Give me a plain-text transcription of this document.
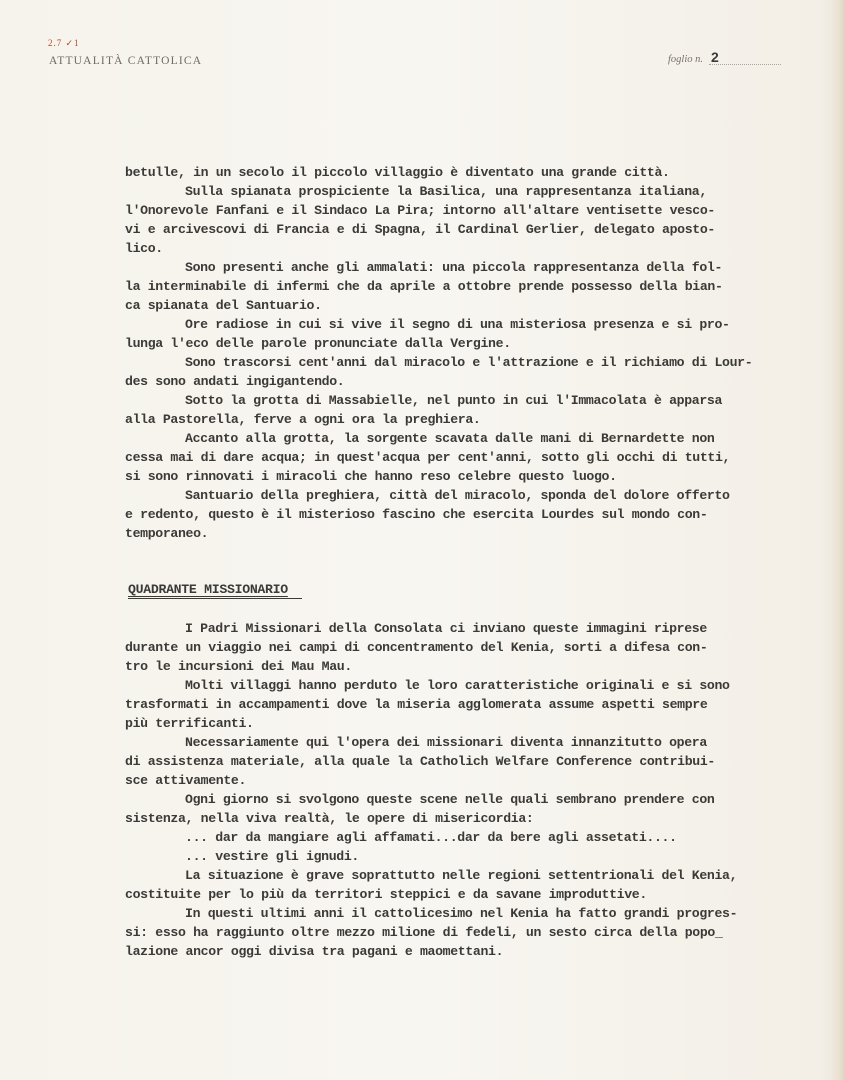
2.7 ✓1
ATTUALITÀ CATTOLICA	foglio n. 2
betulle, in un secolo il piccolo villaggio è diventato una grande città.
Sulla spianata prospiciente la Basilica, una rappresentanza italiana,
l'Onorevole Fanfani e il Sindaco La Pira; intorno all'altare ventisette vesco-
vi e arcivescovi di Francia e di Spagna, il Cardinal Gerlier, delegato aposto-
lico.
Sono presenti anche gli ammalati: una piccola rappresentanza della fol-
la interminabile di infermi che da aprile a ottobre prende possesso della bian-
ca spianata del Santuario.
Ore radiose in cui si vive il segno di una misteriosa presenza e si pro-
lunga l'eco delle parole pronunciate dalla Vergine.
Sono trascorsi cent'anni dal miracolo e l'attrazione e il richiamo di Lour-
des sono andati ingigantendo.
Sotto la grotta di Massabielle, nel punto in cui l'Immacolata è apparsa
alla Pastorella, ferve a ogni ora la preghiera.
Accanto alla grotta, la sorgente scavata dalle mani di Bernardette non
cessa mai di dare acqua; in quest'acqua per cent'anni, sotto gli occhi di tutti,
si sono rinnovati i miracoli che hanno reso celebre questo luogo.
Santuario della preghiera, città del miracolo, sponda del dolore offerto
e redento, questo è il misterioso fascino che esercita Lourdes sul mondo con-
temporaneo.
QUADRANTE MISSIONARIO
I Padri Missionari della Consolata ci inviano queste immagini riprese
durante un viaggio nei campi di concentramento del Kenia, sorti a difesa con-
tro le incursioni dei Mau Mau.
Molti villaggi hanno perduto le loro caratteristiche originali e si sono
trasformati in accampamenti dove la miseria agglomerata assume aspetti sempre
più terrificanti.
Necessariamente qui l'opera dei missionari diventa innanzitutto opera
di assistenza materiale, alla quale la Catholich Welfare Conference contribui-
sce attivamente.
Ogni giorno si svolgono queste scene nelle quali sembrano prendere con
sistenza, nella viva realtà, le opere di misericordia:
... dar da mangiare agli affamati...dar da bere agli assetati....
... vestire gli ignudi.
La situazione è grave soprattutto nelle regioni settentrionali del Kenia,
costituite per lo più da territori steppici e da savane improduttive.
In questi ultimi anni il cattolicesimo nel Kenia ha fatto grandi progres-
si: esso ha raggiunto oltre mezzo milione di fedeli, un sesto circa della popo_
lazione ancor oggi divisa tra pagani e maomettani.
